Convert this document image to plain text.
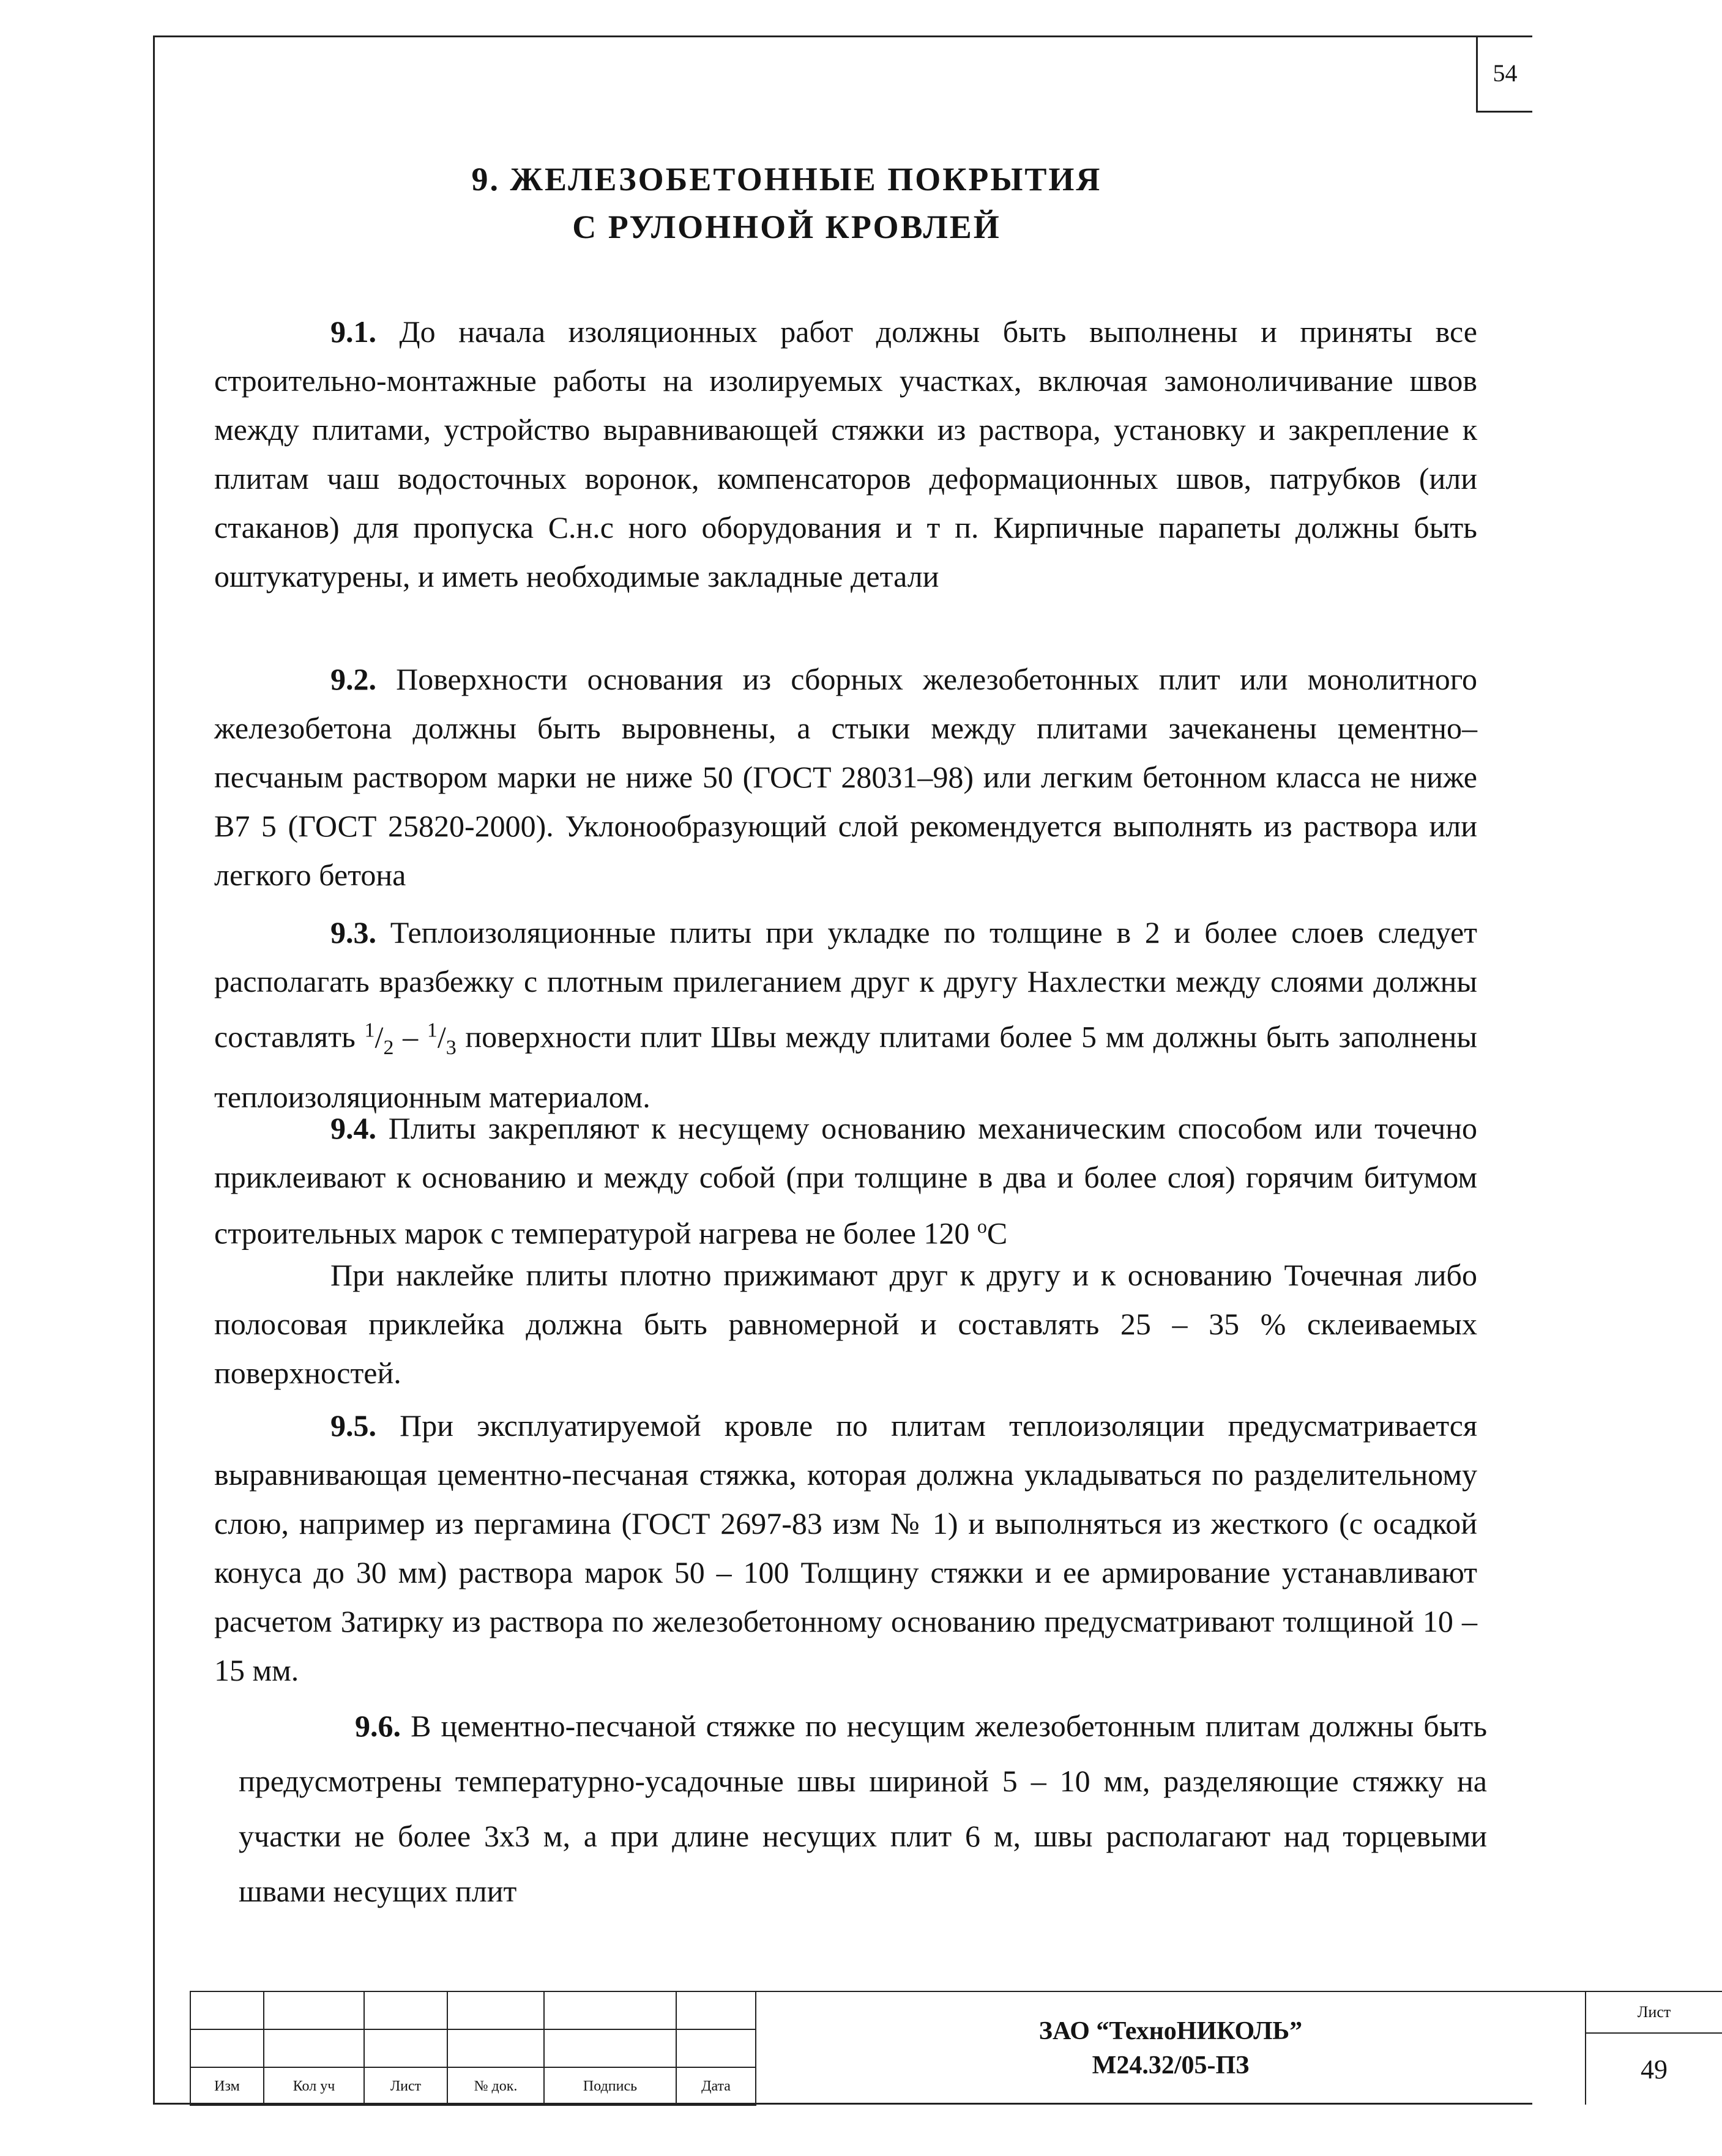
54
9. ЖЕЛЕЗОБЕТОННЫЕ ПОКРЫТИЯ
С РУЛОННОЙ КРОВЛЕЙ
9.1. До начала изоляционных работ должны быть выполнены и приняты все строительно-монтажные работы на изолируемых участках, включая замоноличивание швов между плитами, устройство выравнивающей стяжки из раствора, установку и закрепление к плитам чаш водосточных воронок, компенсаторов деформационных швов, патрубков (или стаканов) для пропуска С.н.с ного оборудования и т п. Кирпичные парапеты должны быть оштукатурены, и иметь необходимые закладные детали
9.2. Поверхности основания из сборных железобетонных плит или монолитного железобетона должны быть выровнены, а стыки между плитами зачеканены цементно–песчаным раствором марки не ниже 50 (ГОСТ 28031–98) или легким бетонном класса не ниже В7 5 (ГОСТ 25820-2000). Уклонообразующий слой рекомендуется выполнять из раствора или легкого бетона
9.3. Теплоизоляционные плиты при укладке по толщине в 2 и более слоев следует располагать вразбежку с плотным прилеганием друг к другу Нахлестки между слоями должны составлять $^1/_2 - ^1/_3$ поверхности плит Швы между плитами более 5 мм должны быть заполнены теплоизоляционным материалом.
9.4. Плиты закрепляют к несущему основанию механическим способом или точечно приклеивают к основанию и между собой (при толщине в два и более слоя) горячим битумом строительных марок с температурой нагрева не более 120 $^о$С
При наклейке плиты плотно прижимают друг к другу и к основанию Точечная либо полосовая приклейка должна быть равномерной и составлять 25 – 35 % склеиваемых поверхностей.
9.5. При эксплуатируемой кровле по плитам теплоизоляции предусматривается выравнивающая цементно-песчаная стяжка, которая должна укладываться по разделительному слою, например из пергамина (ГОСТ 2697-83 изм № 1) и выполняться из жесткого (с осадкой конуса до 30 мм) раствора марок 50 – 100 Толщину стяжки и ее армирование устанавливают расчетом Затирку из раствора по железобетонному основанию предусматривают толщиной 10 – 15 мм.
9.6. В цементно-песчаной стяжке по несущим железобетонным плитам должны быть предусмотрены температурно-усадочные швы шириной 5 – 10 мм, разделяющие стяжку на участки не более 3х3 м, а при длине несущих плит 6 м, швы располагают над торцевыми швами несущих плит

Изм	Кол уч	Лист	№ док.	Подпись	Дата
ЗАО “ТехноНИКОЛЬ”
М24.32/05-ПЗ
Лист
49
